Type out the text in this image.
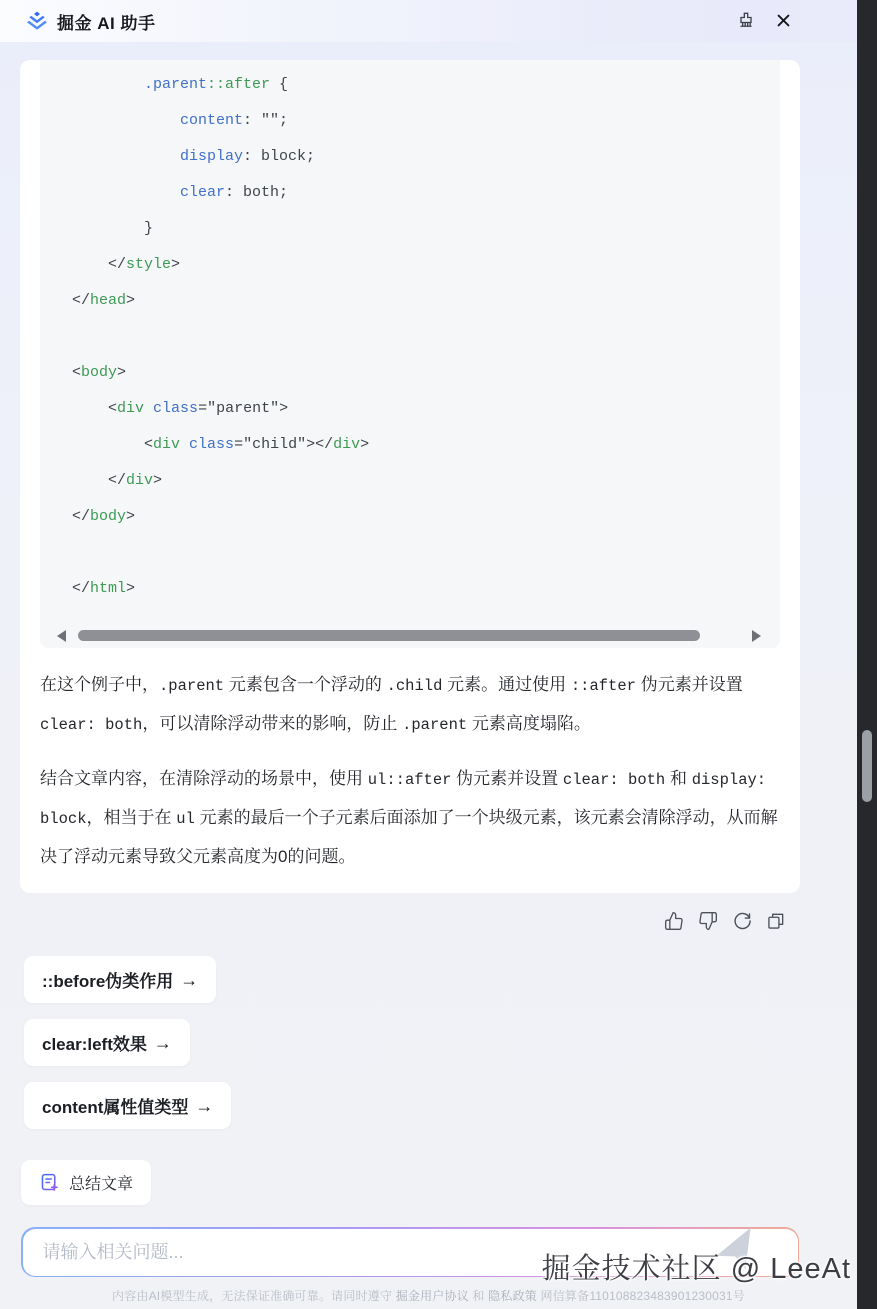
掘金 AI 助手
.parent::after {
content: "";
display: block;
clear: both;
}
</style>
</head>

<body>
<div class="parent">
<div class="child"></div>
</div>
</body>

</html>

在这个例子中，.parent 元素包含一个浮动的 .child 元素。通过使用 ::after 伪元素并设置 clear: both，可以清除浮动带来的影响，防止 .parent 元素高度塌陷。

结合文章内容，在清除浮动的场景中，使用 ul::after 伪元素并设置 clear: both 和 display: block，相当于在 ul 元素的最后一个子元素后面添加了一个块级元素，该元素会清除浮动，从而解决了浮动元素导致父元素高度为0的问题。

::before伪类作用 →
clear:left效果 →
content属性值类型 →
总结文章
请输入相关问题...
内容由AI模型生成，无法保证准确可靠。请同时遵守 掘金用户协议 和 隐私政策 网信算备110108823483901230031号
掘金技术社区 @ LeeAt
